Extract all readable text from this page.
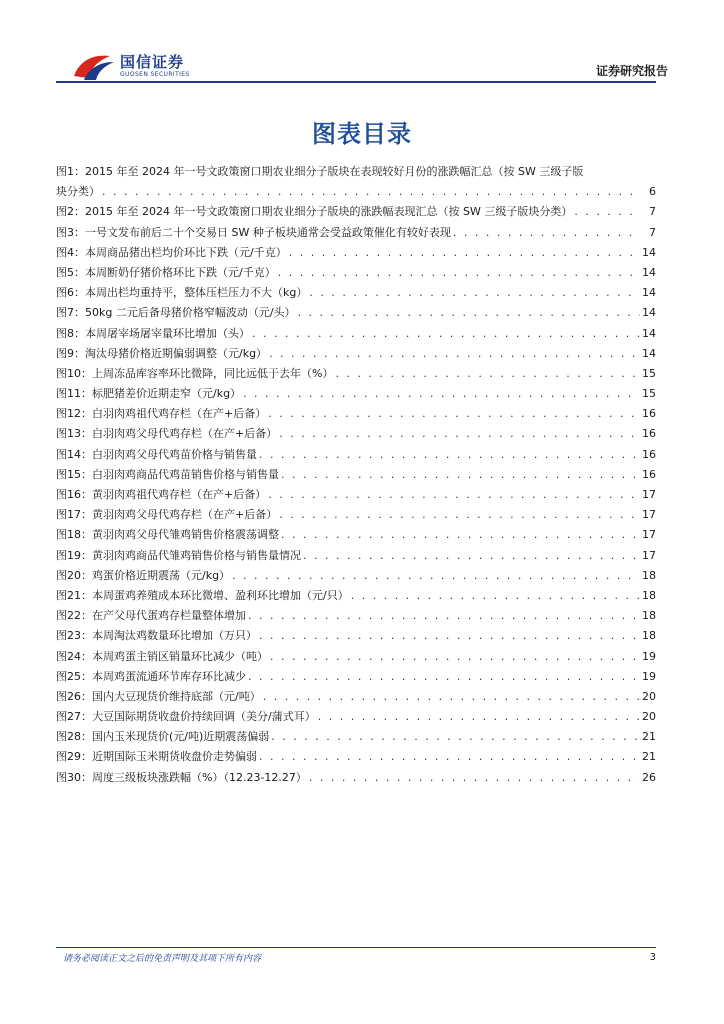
国信证券
GUOSEN SECURITIES	证券研究报告
图表目录
图1：2015 年至 2024 年一号文政策窗口期农业细分子版块在表现较好月份的涨跌幅汇总（按 SW 三级子版
块分类） . . .	6
图2： 2015 年至 2024 年一号文政策窗口期农业细分子版块的涨跌幅表现汇总（按 SW 三级子版块分类） . . .	7
图3： 一号文发布前后二十个交易日 SW 种子板块通常会受益政策催化有较好表现 . . .	7
图4： 本周商品猪出栏均价环比下跌（元/千克） . . .	14
图5： 本周断奶仔猪价格环比下跌（元/千克） . . .	14
图6： 本周出栏均重持平，整体压栏压力不大（kg） . . .	14
图7： 50kg 二元后备母猪价格窄幅波动（元/头） . . .	14
图8： 本周屠宰场屠宰量环比增加（头） . . .	14
图9： 淘汰母猪价格近期偏弱调整（元/kg） . . .	14
图10： 上周冻品库容率环比微降，同比远低于去年（%） . . .	15
图11： 标肥猪差价近期走窄（元/kg） . . .	15
图12： 白羽肉鸡祖代鸡存栏（在产+后备） . . .	16
图13： 白羽肉鸡父母代鸡存栏（在产+后备） . . .	16
图14： 白羽肉鸡父母代鸡苗价格与销售量 . . .	16
图15： 白羽肉鸡商品代鸡苗销售价格与销售量 . . .	16
图16： 黄羽肉鸡祖代鸡存栏（在产+后备） . . .	17
图17： 黄羽肉鸡父母代鸡存栏（在产+后备） . . .	17
图18： 黄羽肉鸡父母代雏鸡销售价格震荡调整 . . .	17
图19： 黄羽肉鸡商品代雏鸡销售价格与销售量情况 . . .	17
图20： 鸡蛋价格近期震荡（元/kg） . . .	18
图21： 本周蛋鸡养殖成本环比微增、盈利环比增加（元/只） . . .	18
图22： 在产父母代蛋鸡存栏量整体增加 . . .	18
图23： 本周淘汰鸡数量环比增加（万只） . . .	18
图24： 本周鸡蛋主销区销量环比减少（吨） . . .	19
图25： 本周鸡蛋流通环节库存环比减少 . . .	19
图26： 国内大豆现货价维持底部（元/吨） . . .	20
图27： 大豆国际期货收盘价持续回调（美分/蒲式耳） . . .	20
图28： 国内玉米现货价(元/吨)近期震荡偏弱 . . .	21
图29： 近期国际玉米期货收盘价走势偏弱 . . .	21
图30： 周度三级板块涨跌幅（%）（12.23-12.27） . . .	26
请务必阅读正文之后的免责声明及其项下所有内容	3
